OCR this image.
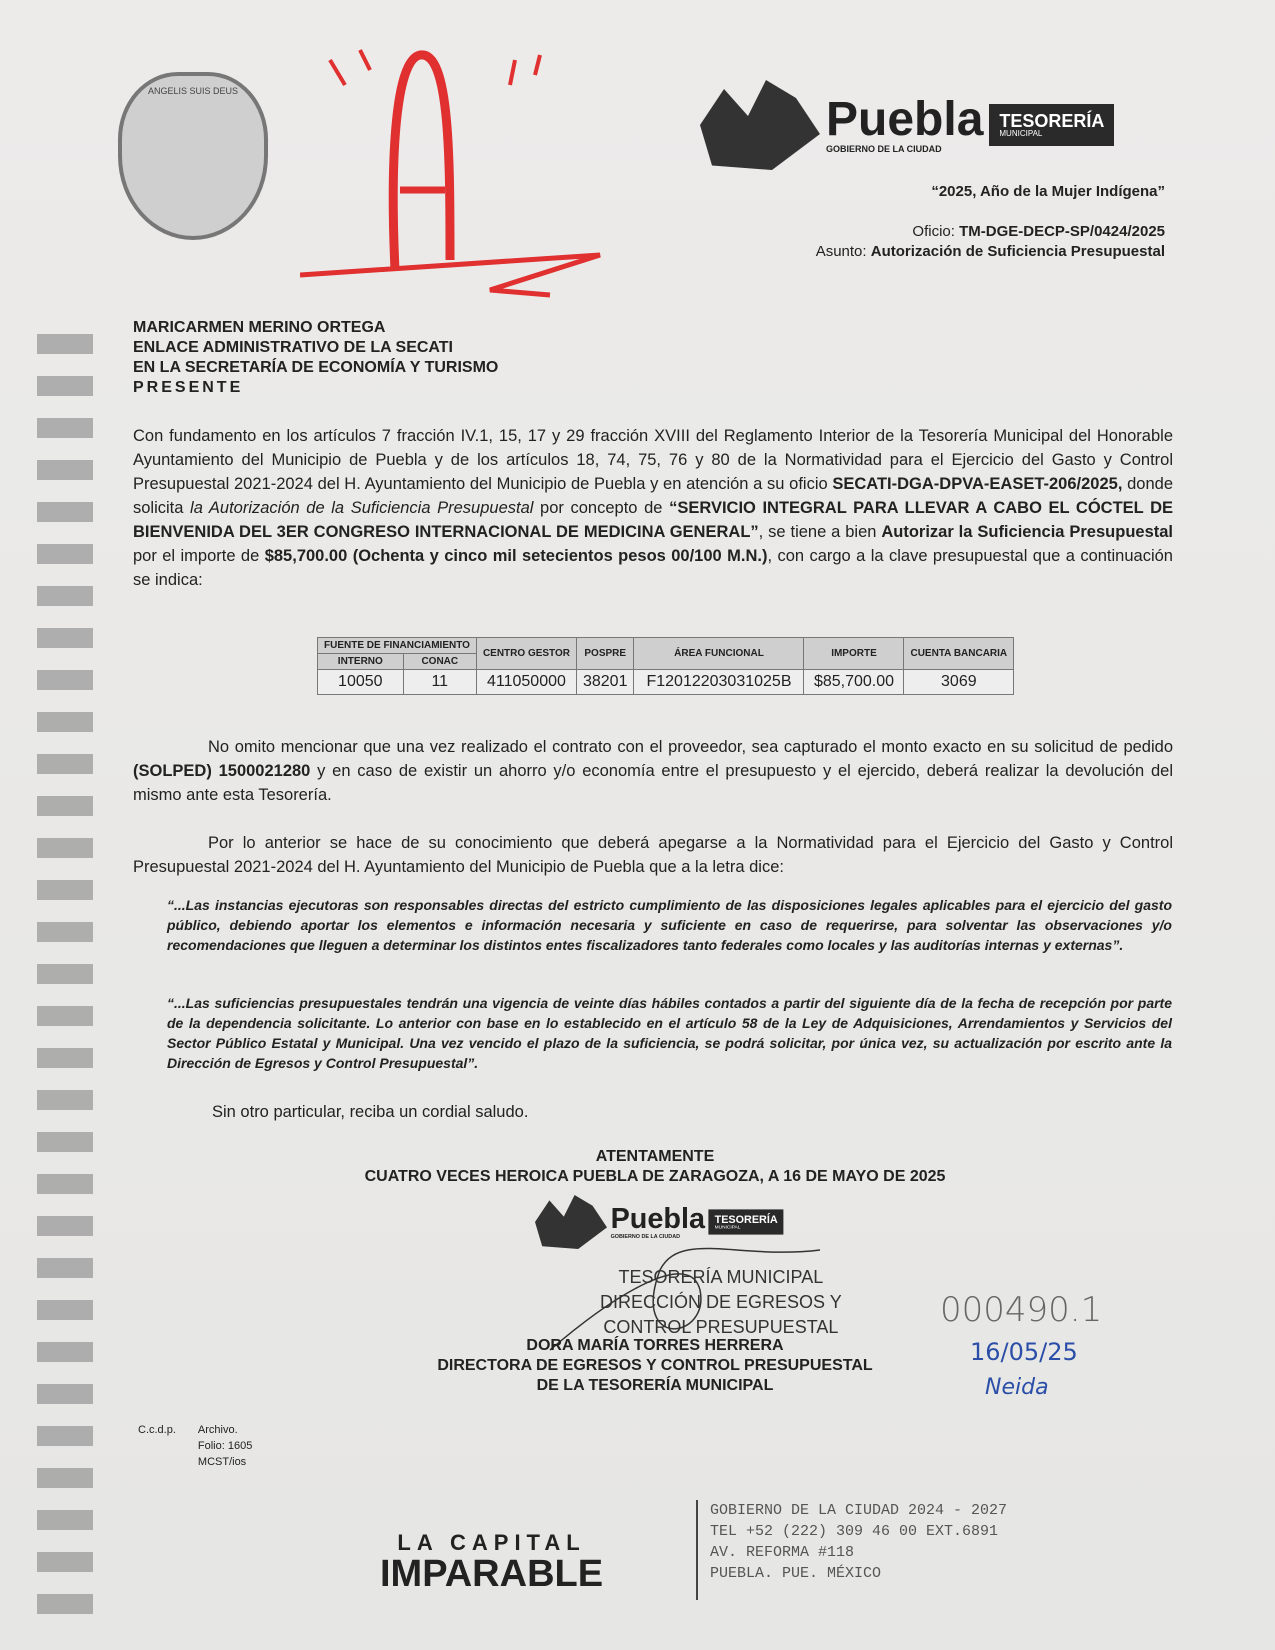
ANGELIS SUIS DEUS
Puebla
GOBIERNO DE LA CIUDAD
TESORERÍA
MUNICIPAL
“2025, Año de la Mujer Indígena”
Oficio: TM-DGE-DECP-SP/0424/2025
Asunto: Autorización de Suficiencia Presupuestal
MARICARMEN MERINO ORTEGA
ENLACE ADMINISTRATIVO DE LA SECATI
EN LA SECRETARÍA DE ECONOMÍA Y TURISMO
PRESENTE
Con fundamento en los artículos 7 fracción IV.1, 15, 17 y 29 fracción XVIII del Reglamento Interior de la Tesorería Municipal del Honorable Ayuntamiento del Municipio de Puebla y de los artículos 18, 74, 75, 76 y 80 de la Normatividad para el Ejercicio del Gasto y Control Presupuestal 2021-2024 del H. Ayuntamiento del Municipio de Puebla y en atención a su oficio SECATI-DGA-DPVA-EASET-206/2025, donde solicita la Autorización de la Suficiencia Presupuestal por concepto de “SERVICIO INTEGRAL PARA LLEVAR A CABO EL CÓCTEL DE BIENVENIDA DEL 3ER CONGRESO INTERNACIONAL DE MEDICINA GENERAL”, se tiene a bien Autorizar la Suficiencia Presupuestal por el importe de $85,700.00 (Ochenta y cinco mil setecientos pesos 00/100 M.N.), con cargo a la clave presupuestal que a continuación se indica:
FUENTE DE FINANCIAMIENTO		CENTRO GESTOR	POSPRE	ÁREA FUNCIONAL	IMPORTE	CUENTA BANCARIA
INTERNO	CONAC					
10050	11	411050000	38201	F12012203031025B	$85,700.00	3069
No omito mencionar que una vez realizado el contrato con el proveedor, sea capturado el monto exacto en su solicitud de pedido (SOLPED) 1500021280 y en caso de existir un ahorro y/o economía entre el presupuesto y el ejercido, deberá realizar la devolución del mismo ante esta Tesorería.
Por lo anterior se hace de su conocimiento que deberá apegarse a la Normatividad para el Ejercicio del Gasto y Control Presupuestal 2021-2024 del H. Ayuntamiento del Municipio de Puebla que a la letra dice:
“...Las instancias ejecutoras son responsables directas del estricto cumplimiento de las disposiciones legales aplicables para el ejercicio del gasto público, debiendo aportar los elementos e información necesaria y suficiente en caso de requerirse, para solventar las observaciones y/o recomendaciones que lleguen a determinar los distintos entes fiscalizadores tanto federales como locales y las auditorías internas y externas”.
“...Las suficiencias presupuestales tendrán una vigencia de veinte días hábiles contados a partir del siguiente día de la fecha de recepción por parte de la dependencia solicitante. Lo anterior con base en lo establecido en el artículo 58 de la Ley de Adquisiciones, Arrendamientos y Servicios del Sector Público Estatal y Municipal. Una vez vencido el plazo de la suficiencia, se podrá solicitar, por única vez, su actualización por escrito ante la Dirección de Egresos y Control Presupuestal”.
Sin otro particular, reciba un cordial saludo.
ATENTAMENTE
CUATRO VECES HEROICA PUEBLA DE ZARAGOZA, A 16 DE MAYO DE 2025
Puebla
GOBIERNO DE LA CIUDAD
TESORERÍA
MUNICIPAL
TESORERÍA MUNICIPAL
DIRECCIÓN DE EGRESOS Y
CONTROL PRESUPUESTAL
DORA MARÍA TORRES HERRERA
DIRECTORA DE EGRESOS Y CONTROL PRESUPUESTAL
DE LA TESORERÍA MUNICIPAL
000490.1
16/05/25
Neida
C.c.d.p. Archivo.
Folio: 1605
MCST/ios
LA CAPITAL
IMPARABLE
GOBIERNO DE LA CIUDAD 2024 - 2027
TEL +52 (222) 309 46 00 EXT.6891
AV. REFORMA #118
PUEBLA. PUE. MÉXICO
